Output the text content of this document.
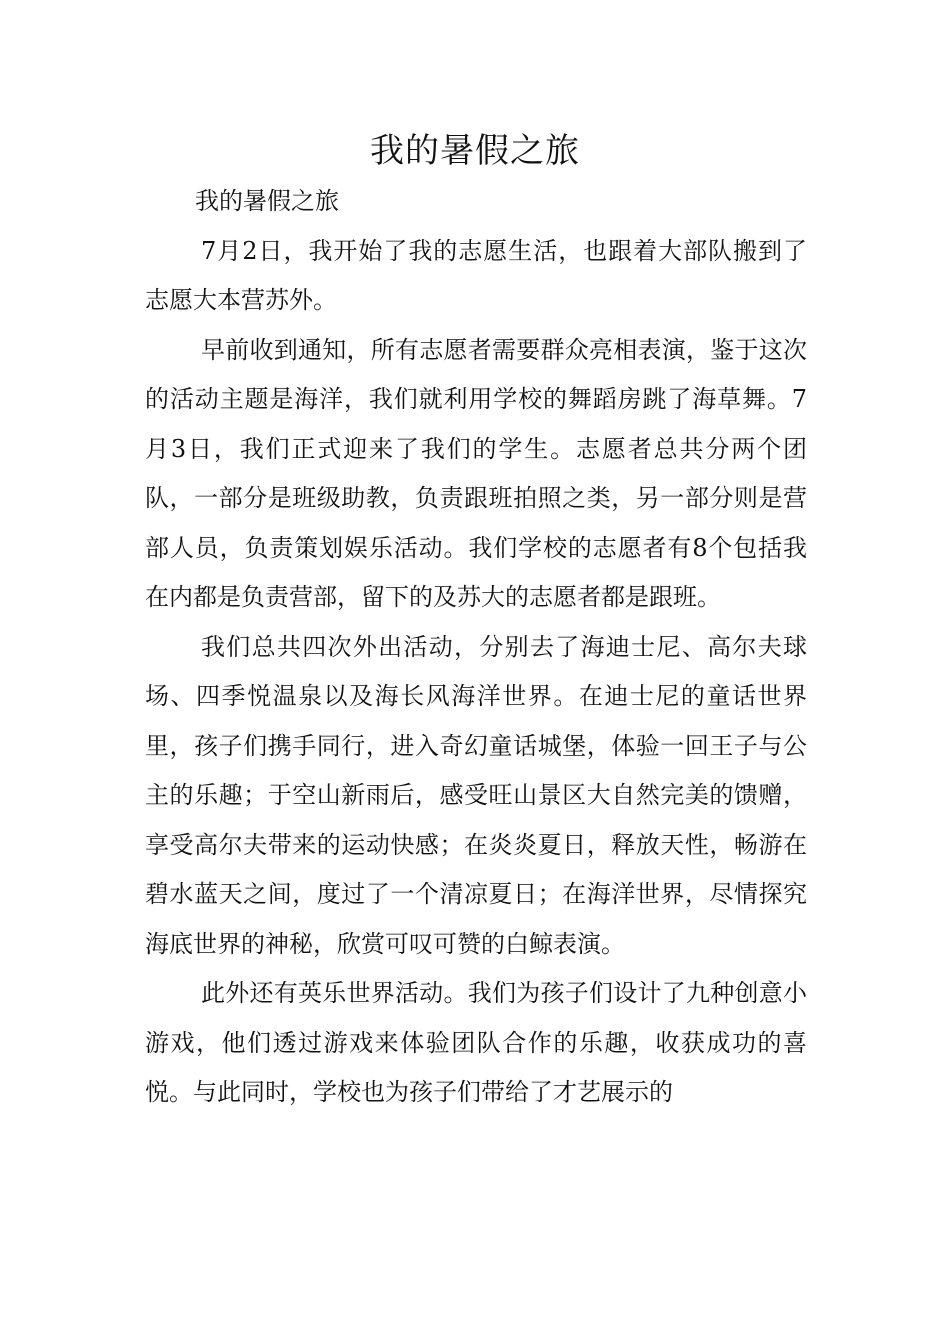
我的暑假之旅

我的暑假之旅

7月2日，我开始了我的志愿生活，也跟着大部队搬到了志愿大本营苏外。

早前收到通知，所有志愿者需要群众亮相表演，鉴于这次的活动主题是海洋，我们就利用学校的舞蹈房跳了海草舞。7月3日，我们正式迎来了我们的学生。志愿者总共分两个团队，一部分是班级助教，负责跟班拍照之类，另一部分则是营部人员，负责策划娱乐活动。我们学校的志愿者有8个包括我在内都是负责营部，留下的及苏大的志愿者都是跟班。

我们总共四次外出活动，分别去了海迪士尼、高尔夫球场、四季悦温泉以及海长风海洋世界。在迪士尼的童话世界里，孩子们携手同行，进入奇幻童话城堡，体验一回王子与公主的乐趣；于空山新雨后，感受旺山景区大自然完美的馈赠，享受高尔夫带来的运动快感；在炎炎夏日，释放天性，畅游在碧水蓝天之间，度过了一个清凉夏日；在海洋世界，尽情探究海底世界的神秘，欣赏可叹可赞的白鲸表演。

此外还有英乐世界活动。我们为孩子们设计了九种创意小游戏，他们透过游戏来体验团队合作的乐趣，收获成功的喜悦。与此同时，学校也为孩子们带给了才艺展示的
